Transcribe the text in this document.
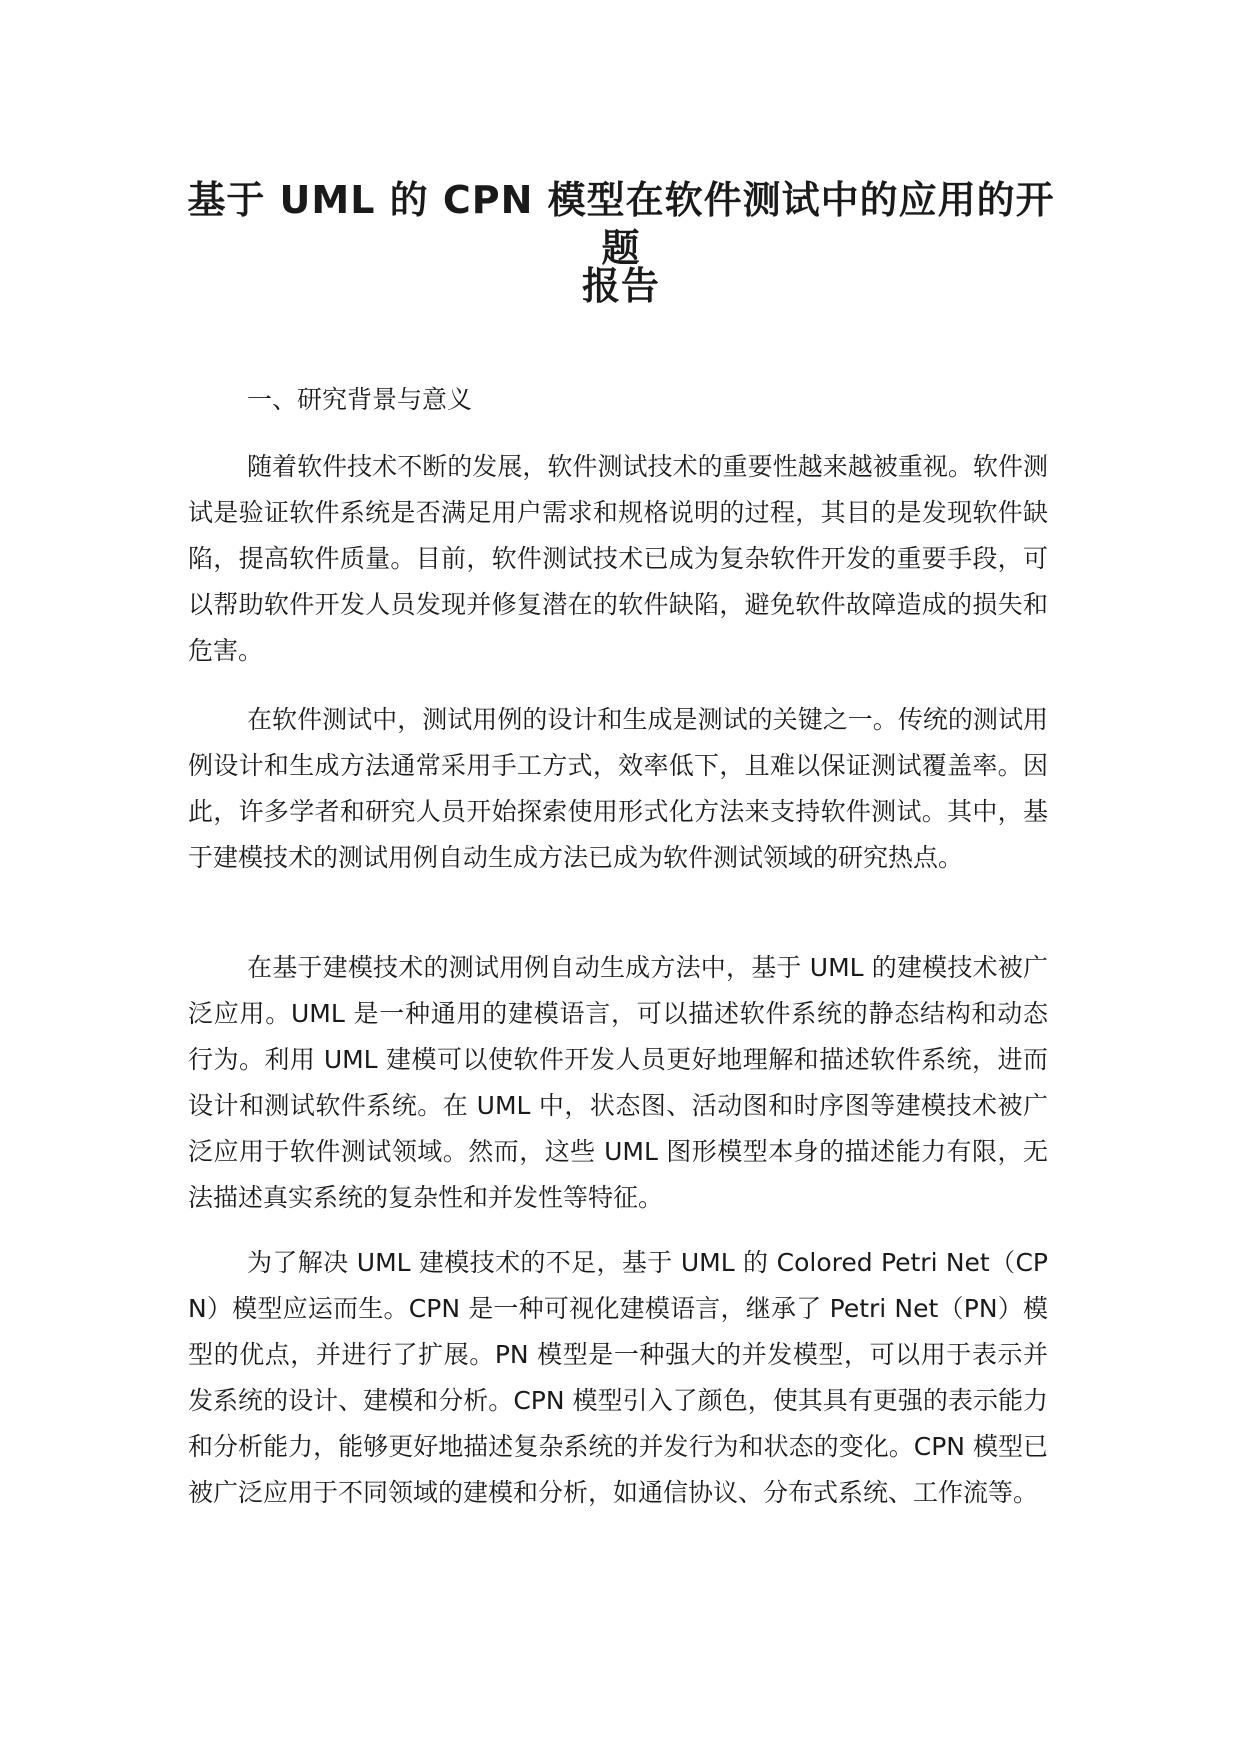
基于 UML 的 CPN 模型在软件测试中的应用的开题
报告
一、研究背景与意义

随着软件技术不断的发展，软件测试技术的重要性越来越被重视。软件测试是验证软件系统是否满足用户需求和规格说明的过程，其目的是发现软件缺陷，提高软件质量。目前，软件测试技术已成为复杂软件开发的重要手段，可以帮助软件开发人员发现并修复潜在的软件缺陷，避免软件故障造成的损失和危害。

在软件测试中，测试用例的设计和生成是测试的关键之一。传统的测试用例设计和生成方法通常采用手工方式，效率低下，且难以保证测试覆盖率。因此，许多学者和研究人员开始探索使用形式化方法来支持软件测试。其中，基于建模技术的测试用例自动生成方法已成为软件测试领域的研究热点。

在基于建模技术的测试用例自动生成方法中，基于 UML 的建模技术被广泛应用。UML 是一种通用的建模语言，可以描述软件系统的静态结构和动态行为。利用 UML 建模可以使软件开发人员更好地理解和描述软件系统，进而设计和测试软件系统。在 UML 中，状态图、活动图和时序图等建模技术被广泛应用于软件测试领域。然而，这些 UML 图形模型本身的描述能力有限，无法描述真实系统的复杂性和并发性等特征。

为了解决 UML 建模技术的不足，基于 UML 的 Colored Petri Net（CPN）模型应运而生。CPN 是一种可视化建模语言，继承了 Petri Net（PN）模型的优点，并进行了扩展。PN 模型是一种强大的并发模型，可以用于表示并发系统的设计、建模和分析。CPN 模型引入了颜色，使其具有更强的表示能力和分析能力，能够更好地描述复杂系统的并发行为和状态的变化。CPN 模型已被广泛应用于不同领域的建模和分析，如通信协议、分布式系统、工作流等。
